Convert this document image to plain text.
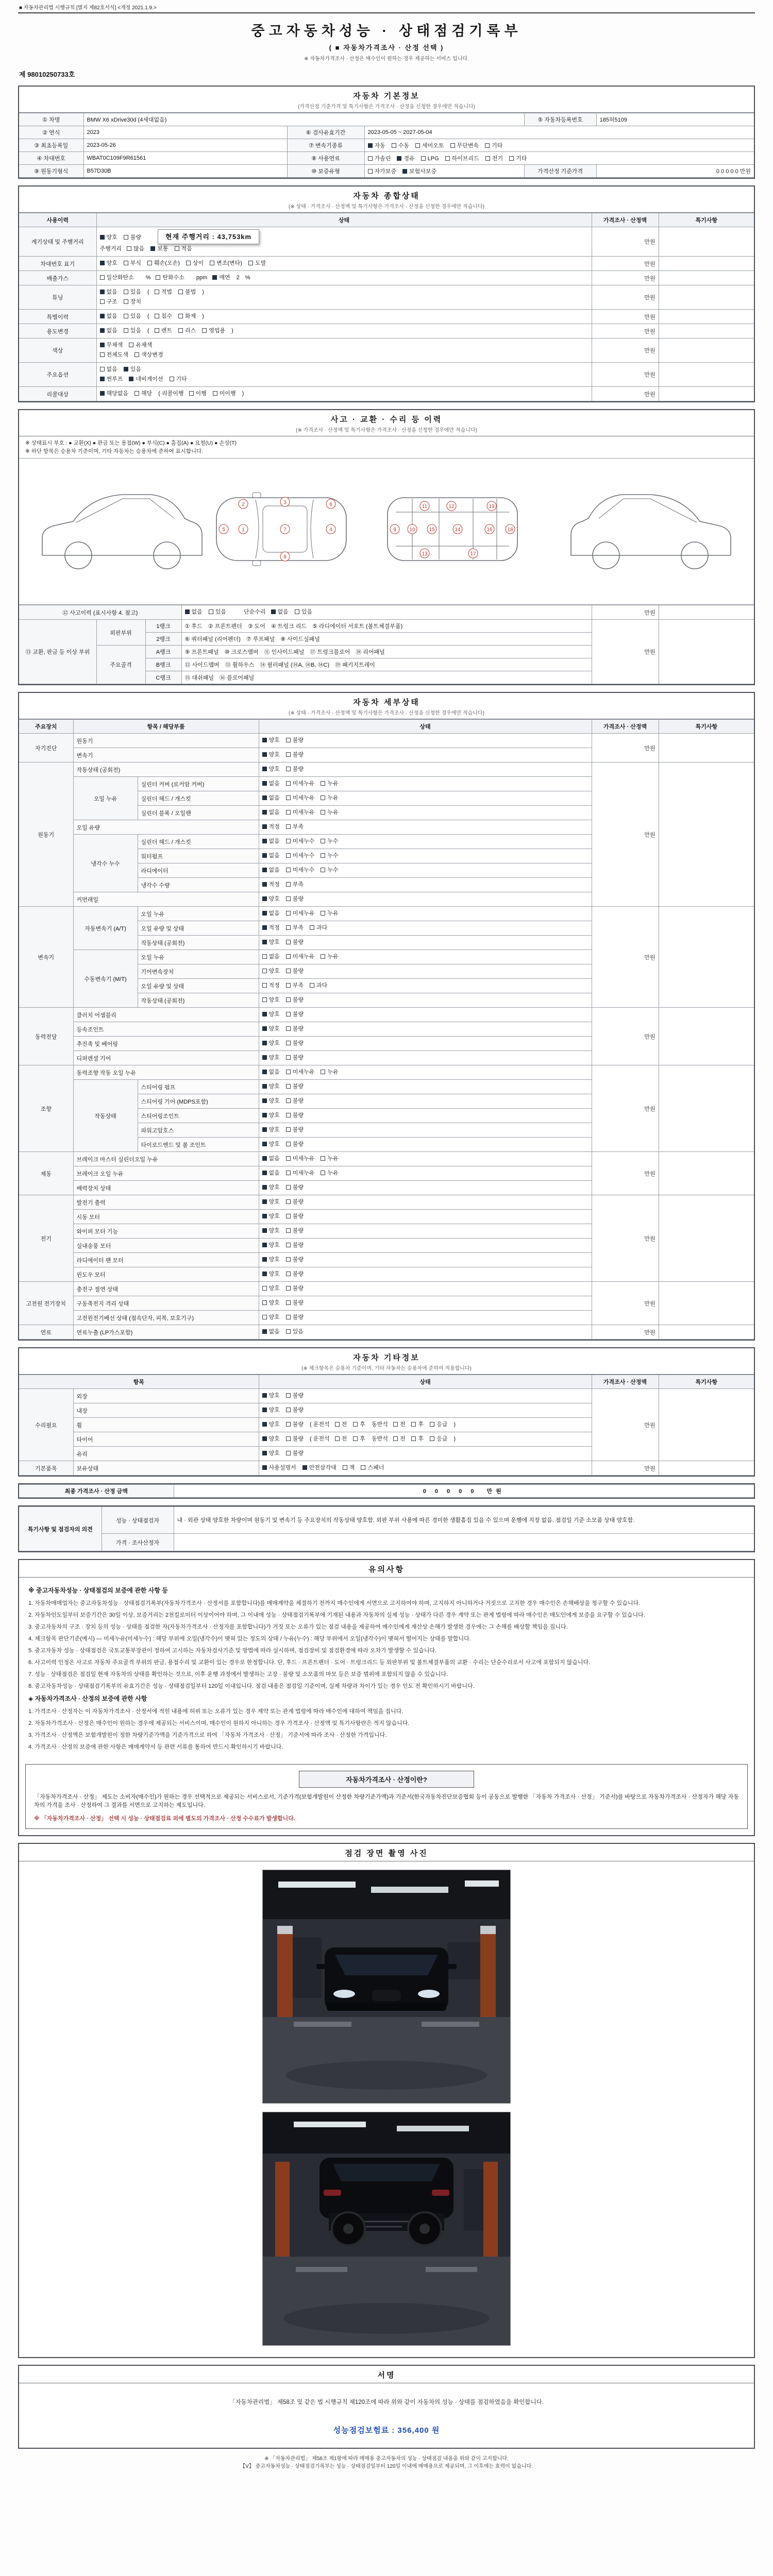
■ 자동차관리법 시행규칙 [별지 제82호서식] <개정 2021.1.9.>
중고자동차성능 · 상태점검기록부
( ■ 자동차가격조사 · 산정 선택 )
※ 자동차가격조사 · 산정은 매수인이 원하는 경우 제공하는 서비스 입니다.
제 98010250733호
자동차 기본정보
(가격산정 기준가격 및 특기사항은 가격조사 · 산정을 신청한 경우에만 적습니다)
① 차명	BMW X6 xDrive30d (4세대없음)			⑤ 자동차등록번호	185허5109
② 연식	2023	⑥ 검사유효기간	2023-05-05 ~ 2027-05-04		
③ 최초등록일	2023-05-26	⑦ 변속기종류	자동 수동 세미오토 무단변속 기타		
④ 차대번호	WBAT0C109F9R61561	⑧ 사용연료	가솔린 경유 LPG 하이브리드 전기 기타		
⑨ 원동기형식	B57D30B	⑩ 보증유형	자가보증 보험사보증	가격산정 기준가격	0 0 0 0 0 만원
자동차 종합상태
(※ 상태 · 가격조사 · 산정액 및 특기사항은 가격조사 · 산정을 신청한 경우에만 적습니다)
사용이력	상태	가격조사 · 산정액	특기사항
계기상태 및 주행거리	양호 불량 현재 주행거리 : 43,753km
주행거리 많음 보통 적음	만원	
차대번호 표기	양호 부식 훼손(오손) 상이 변조(변타) 도말	만원	
배출가스	일산화탄소　% 탄화수소　ppm 매연 2　%	만원	
튜닝	없음 있음 ( 적법 불법 )
구조 장치	만원	
특별이력	없음 있음 ( 침수 화재 )	만원	
용도변경	없음 있음 ( 렌트 리스 영업용 )	만원	
색상	무채색 유채색
전체도색 색상변경	만원	
주요옵션	없음 있음
썬루프 네비게이션 기타	만원	
리콜대상	해당없음 해당 ( 리콜이행 이행 미이행 )	만원	
사고 · 교환 · 수리 등 이력
(※ 가격조사 · 산정액 및 특기사항은 가격조사 · 산정을 신청한 경우에만 적습니다)
※ 상태표시 부호 : ● 교환(X) ● 판금 또는 용접(W) ● 부식(C) ● 흠집(A) ● 요철(U) ● 손상(T)
※ 하단 항목은 승용차 기준이며, 기타 자동차는 승용차에 준하여 표시합니다.
5	1	7	4
2	3	6
8
9	10
11	12
13
14
15	16
19
18
17
⑫ 사고이력 (표시사항 4. 참고)			없음 있음　　단순수리 없음 있음	만원	
⑬ 교환, 판금 등 이상 부위	외판부위	1랭크	① 후드　② 프론트펜더　③ 도어　④ 트렁크 리드　⑤ 라디에이터 서포트 (볼트체결부품)	만원	
		2랭크	⑥ 쿼터패널 (리어펜더)　⑦ 루프패널　⑧ 사이드실패널		
	주요골격	A랭크	⑨ 프론트패널　⑩ 크로스멤버　⑪ 인사이드패널　⑰ 트렁크플로어　⑱ 리어패널		
		B랭크	⑫ 사이드멤버　⑬ 휠하우스　⑭ 필러패널 (⑭A, ⑭B, ⑭C)　⑲ 패키지트레이		
		C랭크	⑮ 대쉬패널　⑯ 플로어패널		
자동차 세부상태
(※ 상태 · 가격조사 · 산정액 및 특기사항은 가격조사 · 산정을 신청한 경우에만 적습니다)
주요장치	항목 / 해당부품		상태	가격조사 · 산정액	특기사항
자기진단	원동기		양호 불량	만원	
	변속기		양호 불량		

원동기	작동상태 (공회전)		양호 불량	만원	
	오일 누유	실린더 커버 (로커암 커버)	없음 미세누유 누유		

		실린더 헤드 / 개스킷	없음 미세누유 누유		

		실린더 블록 / 오일팬	없음 미세누유 누유		

	오일 유량		적정 부족		

	냉각수 누수	실린더 헤드 / 개스킷	없음 미세누수 누수		

		워터펌프	없음 미세누수 누수		

		라디에이터	없음 미세누수 누수		

		냉각수 수량	적정 부족		

	커먼레일		양호 불량		

변속기	자동변속기 (A/T)	오일 누유	없음 미세누유 누유	만원	
		오일 유량 및 상태	적정 부족 과다		

		작동상태 (공회전)	양호 불량		

	수동변속기 (M/T)	오일 누유	없음 미세누유 누유		

		기어변속장치	양호 불량		

		오일 유량 및 상태	적정 부족 과다		

		작동상태 (공회전)	양호 불량		

동력전달	클러치 어셈블리		양호 불량	만원	
	등속조인트		양호 불량		

	추진축 및 베어링		양호 불량		

	디퍼렌셜 기어		양호 불량		

조향	동력조향 작동 오일 누유		없음 미세누유 누유	만원	
	작동상태	스티어링 펌프	양호 불량		

		스티어링 기어 (MDPS포함)	양호 불량		

		스티어링조인트	양호 불량		

		파워고압호스	양호 불량		

		타이로드엔드 및 볼 조인트	양호 불량		

제동	브레이크 마스터 실린더오일 누유		없음 미세누유 누유	만원	
	브레이크 오일 누유		없음 미세누유 누유		

	배력장치 상태		양호 불량		

전기	발전기 출력		양호 불량	만원	
	시동 모터		양호 불량		

	와이퍼 모터 기능		양호 불량		

	실내송풍 모터		양호 불량		

	라디에이터 팬 모터		양호 불량		

	윈도우 모터		양호 불량		

고전원 전기장치	충전구 절연 상태		양호 불량	만원	
	구동축전지 격리 상태		양호 불량		

	고전원전기배선 상태 (접속단자, 피복, 보호기구)		양호 불량		

연료	연료누출 (LP가스포함)		없음 있음	만원	
자동차 기타정보
(※ 체크항목은 승용차 기준이며, 기타 자동차는 승용차에 준하여 적용합니다)
항목		상태	가격조사 · 산정액	특기사항
수리필요	외장	양호 불량	만원	
	내장	양호 불량		

	휠	양호 불량 ( 운전석 전 후 동반석 전 후 응급 )		

	타이어	양호 불량 ( 운전석 전 후 동반석 전 후 응급 )		

	유리	양호 불량		

기본품목	보유상태	사용설명서 안전삼각대 잭 스패너	만원	
최종 가격조사 · 산정 금액	0 0 0 0 0　 만원
특기사항 및 점검자의 의견	성능 · 상태점검자	내 · 외관 상태 양호한 차량이며 원동기 및 변속기 등 주요장치의 작동상태 양호함. 외판 부위 사용에 따른 경미한 생활흠집 있을 수 있으며 운행에 지장 없음. 점검일 기준 소모품 상태 양호함.
	가격 · 조사산정자	
유의사항
※ 중고자동차성능 · 상태점검의 보증에 관한 사항 등

1. 자동차매매업자는 중고자동차성능 · 상태점검기록부(자동차가격조사 · 산정서를 포함합니다)를 매매계약을 체결하기 전까지 매수인에게 서면으로 고지하여야 하며, 고지하지 아니하거나 거짓으로 고지한 경우 매수인은 손해배상을 청구할 수 있습니다.

2. 자동차인도일부터 보증기간은 30일 이상, 보증거리는 2천킬로미터 이상이어야 하며, 그 이내에 성능 · 상태점검기록부에 기재된 내용과 자동차의 실제 성능 · 상태가 다른 경우 계약 또는 관계 법령에 따라 매수인은 매도인에게 보증을 요구할 수 있습니다.

3. 중고자동차의 구조 · 장치 등의 성능 · 상태를 점검한 자(자동차가격조사 · 산정자를 포함합니다)가 거짓 또는 오류가 있는 점검 내용을 제공하여 매수인에게 재산상 손해가 발생한 경우에는 그 손해를 배상할 책임을 집니다.

4. 체크항목 판단기준(예시) — 미세누유(미세누수) : 해당 부위에 오일(냉각수)이 맺혀 있는 정도의 상태 / 누유(누수) : 해당 부위에서 오일(냉각수)이 맺혀서 떨어지는 상태를 말합니다.

5. 중고자동차 성능 · 상태점검은 국토교통부장관이 정하여 고시하는 자동차검사기준 및 방법에 따라 실시하며, 점검장비 및 점검환경에 따라 오차가 발생할 수 있습니다.

6. 사고이력 인정은 사고로 자동차 주요골격 부위의 판금, 용접수리 및 교환이 있는 경우로 한정합니다. 단, 후드 · 프론트펜더 · 도어 · 트렁크리드 등 외판부위 및 볼트체결부품의 교환 · 수리는 단순수리로서 사고에 포함되지 않습니다.

7. 성능 · 상태점검은 점검일 현재 자동차의 상태를 확인하는 것으로, 이후 운행 과정에서 발생하는 고장 · 불량 및 소모품의 마모 등은 보증 범위에 포함되지 않을 수 있습니다.

8. 중고자동차성능 · 상태점검기록부의 유효기간은 성능 · 상태점검일부터 120일 이내입니다. 점검 내용은 점검일 기준이며, 실제 차량과 차이가 있는 경우 인도 전 확인하시기 바랍니다.

◈ 자동차가격조사 · 산정의 보증에 관한 사항

1. 가격조사 · 산정자는 이 자동차가격조사 · 산정서에 적힌 내용에 허위 또는 오류가 있는 경우 계약 또는 관계 법령에 따라 매수인에 대하여 책임을 집니다.

2. 자동차가격조사 · 산정은 매수인이 원하는 경우에 제공되는 서비스이며, 매수인이 원하지 아니하는 경우 가격조사 · 산정액 및 특기사항란은 적지 않습니다.

3. 가격조사 · 산정액은 보험개발원이 정한 차량기준가액을 기준가격으로 하여 「자동차 가격조사 · 산정」 기준서에 따라 조사 · 산정한 가격입니다.

4. 가격조사 · 산정의 보증에 관한 사항은 매매계약서 등 관련 서류를 통하여 반드시 확인하시기 바랍니다.

자동차가격조사 · 산정이란?
「자동차가격조사 · 산정」 제도는 소비자(매수인)가 원하는 경우 선택적으로 제공되는 서비스로서, 기준가격(보험개발원이 산정한 차량기준가액)과 기준서(한국자동차진단보증협회 등이 공동으로 발행한 「자동차 가격조사 · 산정」 기준서)를 바탕으로 자동차가격조사 · 산정자가 해당 자동차의 가격을 조사 · 산정하여 그 결과를 서면으로 고지하는 제도입니다.
※ 「자동차가격조사 · 산정」 선택 시 성능 · 상태점검료 외에 별도의 가격조사 · 산정 수수료가 발생합니다.
점검 장면 촬영 사진
서명
「자동차관리법」 제58조 및 같은 법 시행규칙 제120조에 따라 위와 같이 자동차의 성능 · 상태를 점검하였음을 확인합니다.
성능점검보험료 : 356,400 원
※ 「자동차관리법」 제58조 제1항에 따라 매매용 중고자동차의 성능 · 상태점검 내용을 위와 같이 고지합니다.
【Ⅴ】 중고자동차성능 · 상태점검기록부는 성능 · 상태점검일부터 120일 이내에 매매용으로 제공되며, 그 이후에는 효력이 없습니다.
